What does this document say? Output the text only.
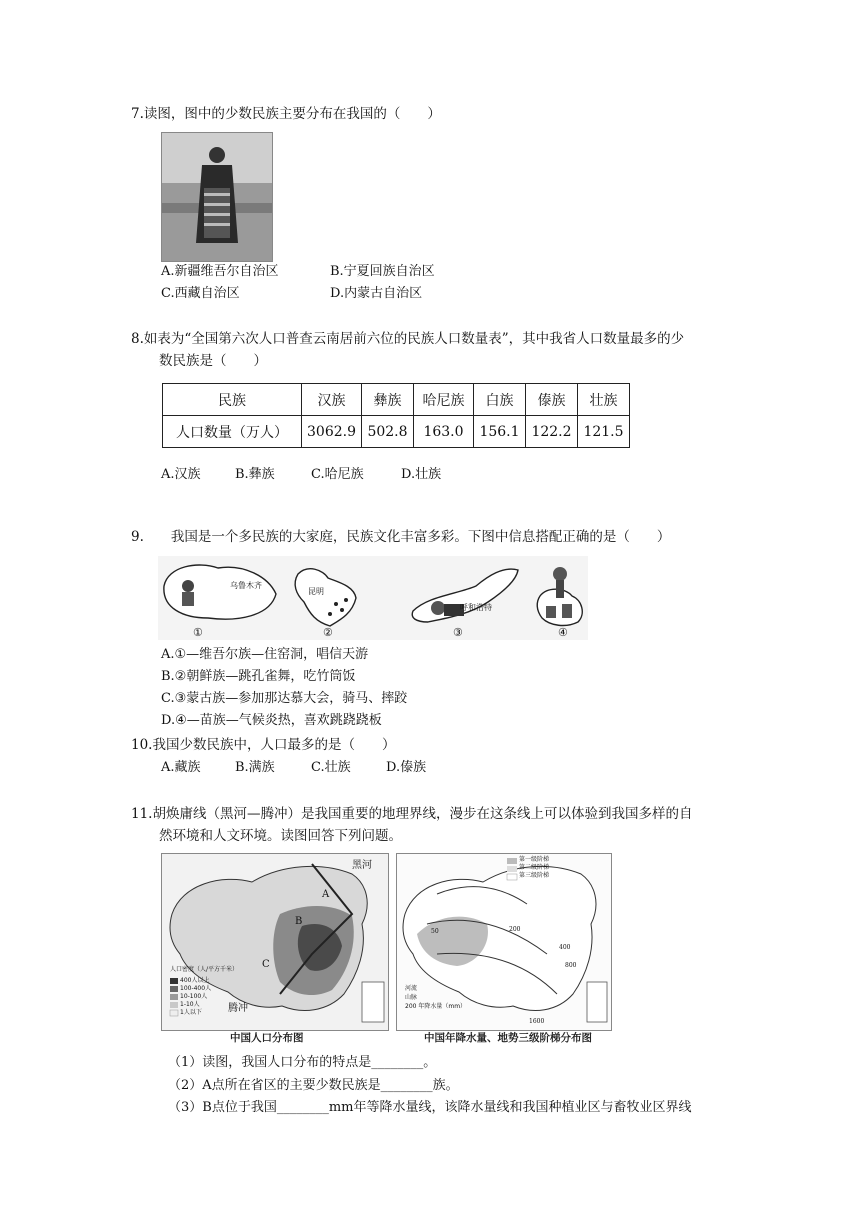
7.读图，图中的少数民族主要分布在我国的（　　）
A.新疆维吾尔自治区	B.宁夏回族自治区
C.西藏自治区	D.内蒙古自治区
8.如表为“全国第六次人口普查云南居前六位的民族人口数量表”，其中我省人口数量最多的少
数民族是（　　）
民族	汉族	彝族	哈尼族	白族	傣族	壮族
人口数量（万人）	3062.9	502.8	163.0	156.1	122.2	121.5
A.汉族	B.彝族	C.哈尼族	D.壮族
9.　　我国是一个多民族的大家庭，民族文化丰富多彩。下图中信息搭配正确的是（　　）
乌鲁木齐
昆明
呼和浩特
①	②	③	④
A.①—维吾尔族—住窑洞，唱信天游
B.②朝鲜族—跳孔雀舞，吃竹筒饭
C.③蒙古族—参加那达慕大会，骑马、摔跤
D.④—苗族—气候炎热，喜欢跳跷跷板
10.我国少数民族中，人口最多的是（　　）
A.藏族	B.满族	C.壮族	D.傣族
11.胡焕庸线（黑河—腾冲）是我国重要的地理界线，漫步在这条线上可以体验到我国多样的自
然环境和人文环境。读图回答下列问题。
黑河
腾冲
A
B
C
人口密度（人/平方千米）
400人以上
100-400人
10-100人
1-10人
1人以下
中国人口分布图
第一级阶梯
第二级阶梯
第三级阶梯
河流
山脉
200 年降水量（mm）
50	200
400
800
1600
中国年降水量、地势三级阶梯分布图
（1）读图，我国人口分布的特点是________。
（2）A点所在省区的主要少数民族是________族。
（3）B点位于我国________mm年等降水量线，该降水量线和我国种植业区与畜牧业区界线
